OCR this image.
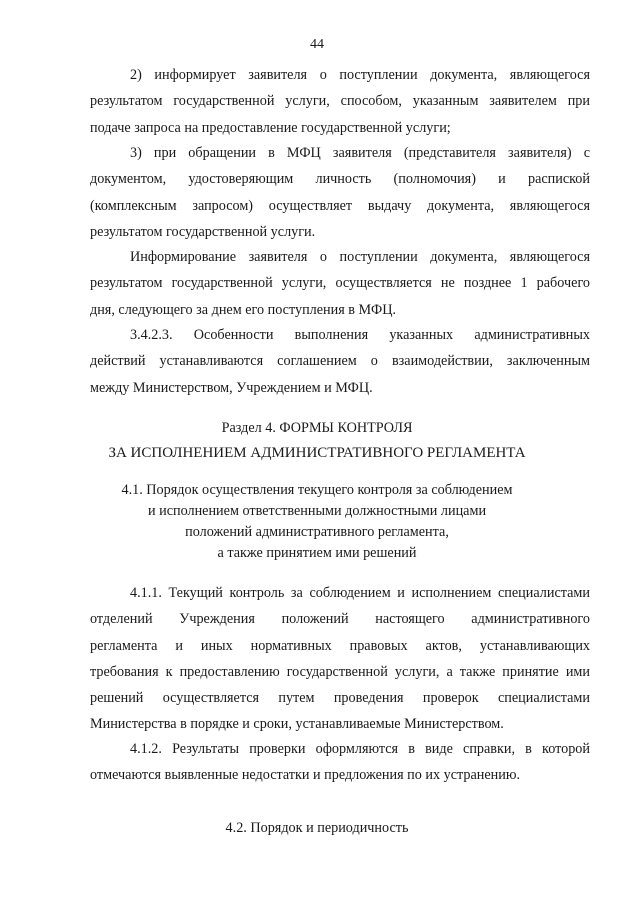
44
2) информирует заявителя о поступлении документа, являющегося
результатом государственной услуги, способом, указанным заявителем при
подаче запроса на предоставление государственной услуги;
3) при обращении в МФЦ заявителя (представителя заявителя) с
документом, удостоверяющим личность (полномочия) и распиской
(комплексным запросом) осуществляет выдачу документа, являющегося
результатом государственной услуги.
Информирование заявителя о поступлении документа, являющегося
результатом государственной услуги, осуществляется не позднее 1 рабочего
дня, следующего за днем его поступления в МФЦ.
3.4.2.3. Особенности выполнения указанных административных
действий устанавливаются соглашением о взаимодействии, заключенным
между Министерством, Учреждением и МФЦ.
Раздел 4. ФОРМЫ КОНТРОЛЯ
ЗА ИСПОЛНЕНИЕМ АДМИНИСТРАТИВНОГО РЕГЛАМЕНТА
4.1. Порядок осуществления текущего контроля за соблюдением
и исполнением ответственными должностными лицами
положений административного регламента,
а также принятием ими решений
4.1.1. Текущий контроль за соблюдением и исполнением специалистами
отделений Учреждения положений настоящего административного
регламента и иных нормативных правовых актов, устанавливающих
требования к предоставлению государственной услуги, а также принятие ими
решений осуществляется путем проведения проверок специалистами
Министерства в порядке и сроки, устанавливаемые Министерством.
4.1.2. Результаты проверки оформляются в виде справки, в которой
отмечаются выявленные недостатки и предложения по их устранению.
4.2. Порядок и периодичность
